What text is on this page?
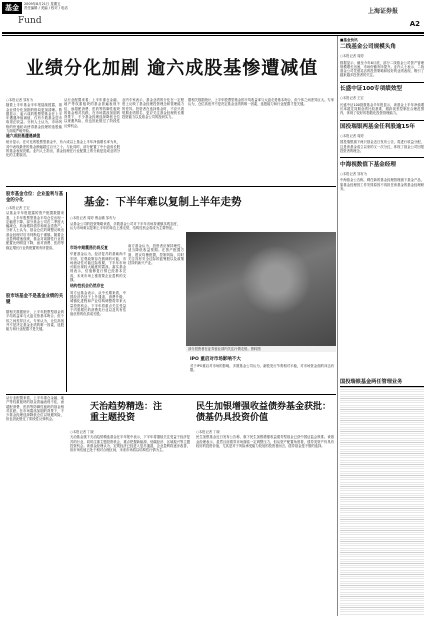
基金	2009年8月21日 星期五
责任编辑 / 美编 / 校对 / 电话
Fund
上海证券报
A2
业绩分化加剧 逾六成股基惨遭减值
○本报记者 邹有为
随着上半年基金半年报陆续披露，基金业绩分化加剧的格局更加清晰。数据显示，逾六成的股票型基金在上半年遭遇净值减值，仅有少数基金逆市取得正收益。分析人士认为，市场风格的快速轮动使得基金经理的选股能力面临严峻考验。
从行业配置来看，上半年重仓金融、地产等权重板块的基金普遍表现不佳，而超配消费、医药等防御性板块的基金相对抗跌。在市场震荡加剧的背景下，不少基金经理选择降低仓位以规避风险，但也因此错过了阶段性反弹机会。
业内专家表示，基金业绩的分化在一定程度上反映了基金经理投资理念和管理能力的差异。投资者在选择基金时，不应只看短期业绩排名，更应关注基金经理的长期投资能力以及基金公司的投研实力。
逾六成股基遭遇减值
统计显示，在可比的股票型基金中，有六成以上基金上半年净值增长率为负，其中表现最差的基金跌幅超过百分之十。与此同时，部分配置了中小盘成长股的基金表现亮眼。业内人士指出，基金经理在行业配置上的分歧是造成业绩分化的主要原因。
据相关数据统计，上半年股票型基金的平均收益率与大盘走势基本吻合，但个体之间差异巨大。专家认为，仓位高低并不是决定基金业绩的唯一因素，选股能力和行业配置才是关键。
股市基金仓位：企业盈利与基金的分化
○本报记者 王宏
从基金半年报披露的资产配置数据来看，上半年股票型基金平均仓位出现一定幅度下降。部分基金公司在二季度大幅减仓，转而增持债券和现金类资产。分析人士认为，基金仓位的调整反映出基金经理对后市判断趋于谨慎。随着企业盈利增速放缓，基金对周期性行业的配置比例明显下降，而对消费、医药等稳定增长行业的配置则有所提高。
股市场基金不是基金业绩的关键
据相关数据统计，上半年股票型基金的平均收益率与大盘走势基本吻合，但个体之间差异巨大。专家认为，仓位高低并不是决定基金业绩的唯一因素，选股能力和行业配置才是关键。
基金：下半年难以复制上半年走势
○本报记者 周婷 傅金鹏 邹有为
从基金公司的投资策略来看，多数基金公司对下半年市场持谨慎乐观态度，认为市场难以复制上半年的单边上涨走势，结构性机会将成为主要特征。
市场中期震荡仍将反复
华夏基金认为，经济复苏的基础尚不牢固，宏观政策存在微调的可能，市场流动性可能边际收紧，下半年市场可能出现较大幅度的震荡。嘉实基金则表示，估值修复行情已经基本完成，未来市场上涨需要企业盈利的支撑。
结构性机会仍然存在
易方达基金表示，从中长期来看，中国经济仍处于上升通道，消费升级、城镇化进程和产业结构调整将带来大量投资机会。下半年将重点关注受益于内需增长的消费类行业以及具有估值优势的优质成长股。
南方基金认为，投资者应保持理性，适当降低收益预期。在资产配置方面，建议均衡配置，控制风险，同时关注具有安全边际的蓝筹股以及政策扶持的新兴产业。
部分投资者在证券营业部内关注行情走势。资料图
IPO 重启对市场影响不大
对于IPO重启对市场的影响，多数基金公司认为，新股发行节奏相对平稳，对市场资金面的冲击有限。
天治趋势精选：注重主题投资
○本报记者 丁晓
天治基金旗下天治趋势精选基金在半年报中表示，下半年将继续关注受益于经济复苏的行业，同时注重主题投资机会，重点把握新能源、低碳经济、区域振兴等主题投资机会。该基金经理认为，宏观经济已经进入复苏通道，企业盈利将逐步改善，但市场估值已处于相对合理区间，未来市场将以结构性行情为主。
民生加银增强收益债券基金获批：债基仍具投资价值
○本报记者 丁晓
民生加银基金近日发布公告称，旗下民生加银增强收益债券型基金已获中国证监会核准。该基金经理表示，虽然目前债券市场面临一定调整压力，但从资产配置角度看，债券类资产仍具有较好的投资价值，尤其是对于风险承受能力较低的投资者而言，债券基金是不错的选择。
从行业配置来看，上半年重仓金融、地产等权重板块的基金普遍表现不佳，而超配消费、医药等防御性板块的基金相对抗跌。在市场震荡加剧的背景下，不少基金经理选择降低仓位以规避风险，但也因此错过了阶段性反弹机会。
■基金快讯
二线基金公司规模头角
○本报记者 周婷
数据显示，截至今年6月底，部分二线基金公司资产管理规模增长迅速，市场份额有所提升。业内人士表示，二线基金公司凭借灵活的投资策略和较好的业绩表现，吸引了越来越多投资者的关注。
长盛中证100专项绩效型
○本报记者 王宏
长盛中证100指数基金半年报显示，该基金上半年净值增长率超过同期业绩比较基准，跟踪误差控制在合理范围内，体现了较好的指数化投资管理能力。
国投瑞银两基金任利股逾15年
○本报记者 周婷
国投瑞银旗下两只基金近日发布公告，将进行收益分配，这是该基金成立以来的又一次分红，体现了基金公司回报投资者的理念。
中海视数值下基金经理
○本报记者 邹有为
中海基金公告称，聘任新的基金经理管理旗下基金产品，原基金经理因工作安排原因不再担任该基金的基金经理职务。
国投瑞银基金两任管理业务
